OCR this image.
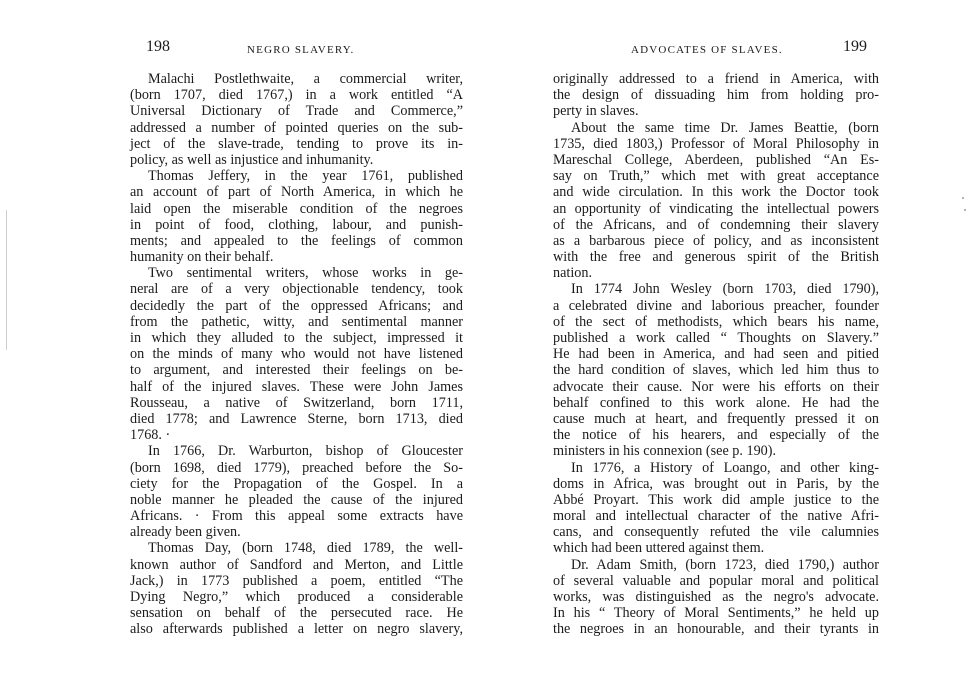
198	NEGRO SLAVERY.
Malachi Postlethwaite, a commercial writer,
(born 1707, died 1767,) in a work entitled “A
Universal Dictionary of Trade and Commerce,”
addressed a number of pointed queries on the sub-
ject of the slave-trade, tending to prove its in-
policy, as well as injustice and inhumanity.
Thomas Jeffery, in the year 1761, published
an account of part of North America, in which he
laid open the miserable condition of the negroes
in point of food, clothing, labour, and punish-
ments; and appealed to the feelings of common
humanity on their behalf.
Two sentimental writers, whose works in ge-
neral are of a very objectionable tendency, took
decidedly the part of the oppressed Africans; and
from the pathetic, witty, and sentimental manner
in which they alluded to the subject, impressed it
on the minds of many who would not have listened
to argument, and interested their feelings on be-
half of the injured slaves. These were John James
Rousseau, a native of Switzerland, born 1711,
died 1778; and Lawrence Sterne, born 1713, died
1768. ·
In 1766, Dr. Warburton, bishop of Gloucester
(born 1698, died 1779), preached before the So-
ciety for the Propagation of the Gospel. In a
noble manner he pleaded the cause of the injured
Africans. · From this appeal some extracts have
already been given.
Thomas Day, (born 1748, died 1789, the well-
known author of Sandford and Merton, and Little
Jack,) in 1773 published a poem, entitled “The
Dying Negro,” which produced a considerable
sensation on behalf of the persecuted race. He
also afterwards published a letter on negro slavery,
ADVOCATES OF SLAVES.	199
originally addressed to a friend in America, with
the design of dissuading him from holding pro-
perty in slaves.
About the same time Dr. James Beattie, (born
1735, died 1803,) Professor of Moral Philosophy in
Mareschal College, Aberdeen, published “An Es-
say on Truth,” which met with great acceptance
and wide circulation. In this work the Doctor took
an opportunity of vindicating the intellectual powers
of the Africans, and of condemning their slavery
as a barbarous piece of policy, and as inconsistent
with the free and generous spirit of the British
nation.
In 1774 John Wesley (born 1703, died 1790),
a celebrated divine and laborious preacher, founder
of the sect of methodists, which bears his name,
published a work called “ Thoughts on Slavery.”
He had been in America, and had seen and pitied
the hard condition of slaves, which led him thus to
advocate their cause. Nor were his efforts on their
behalf confined to this work alone. He had the
cause much at heart, and frequently pressed it on
the notice of his hearers, and especially of the
ministers in his connexion (see p. 190).
In 1776, a History of Loango, and other king-
doms in Africa, was brought out in Paris, by the
Abbé Proyart. This work did ample justice to the
moral and intellectual character of the native Afri-
cans, and consequently refuted the vile calumnies
which had been uttered against them.
Dr. Adam Smith, (born 1723, died 1790,) author
of several valuable and popular moral and political
works, was distinguished as the negro's advocate.
In his “ Theory of Moral Sentiments,” he held up
the negroes in an honourable, and their tyrants in
